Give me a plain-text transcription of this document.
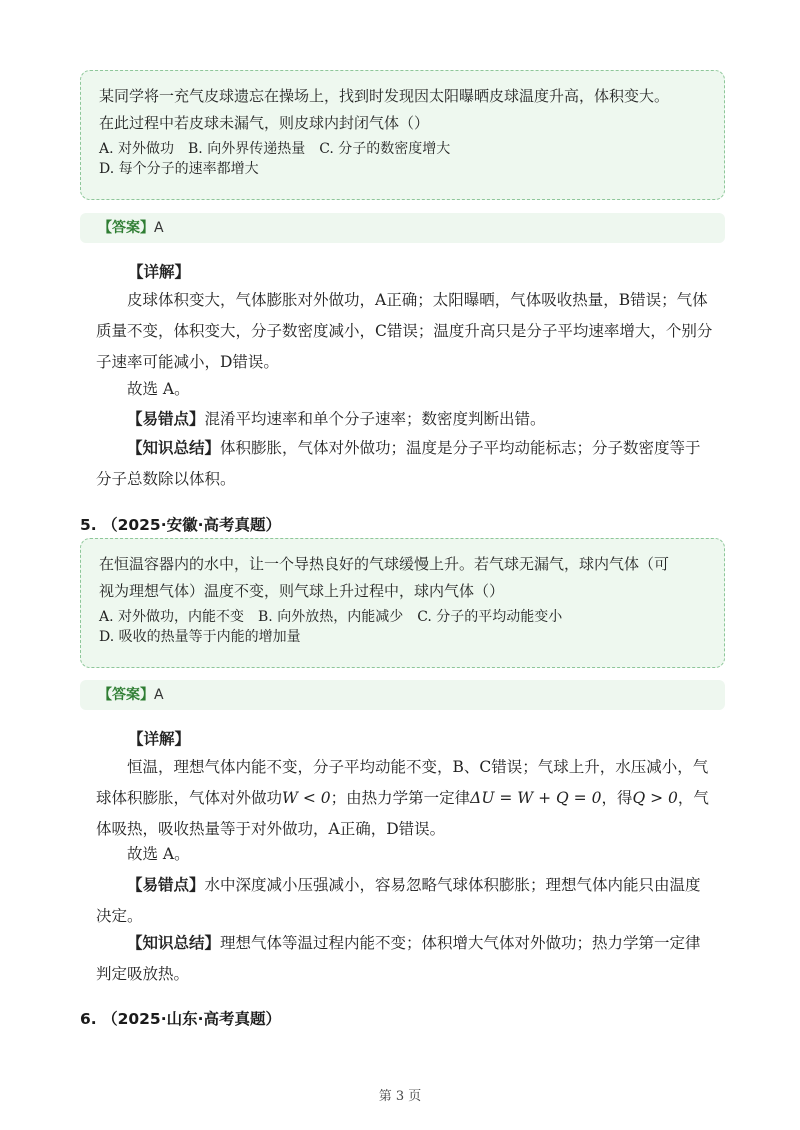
某同学将一充气皮球遗忘在操场上，找到时发现因太阳曝晒皮球温度升高，体积变大。
在此过程中若皮球未漏气，则皮球内封闭气体（）
A. 对外做功　B. 向外界传递热量　C. 分子的数密度增大
D. 每个分子的速率都增大
【答案】A
【详解】
皮球体积变大，气体膨胀对外做功，A正确；太阳曝晒，气体吸收热量，B错误；气体质量不变，体积变大，分子数密度减小，C错误；温度升高只是分子平均速率增大，个别分子速率可能减小，D错误。
故选 A。
【易错点】混淆平均速率和单个分子速率；数密度判断出错。
【知识总结】体积膨胀，气体对外做功；温度是分子平均动能标志；分子数密度等于分子总数除以体积。
5. （2025·安徽·高考真题）
在恒温容器内的水中，让一个导热良好的气球缓慢上升。若气球无漏气，球内气体（可
视为理想气体）温度不变，则气球上升过程中，球内气体（）
A. 对外做功，内能不变　B. 向外放热，内能减少　C. 分子的平均动能变小
D. 吸收的热量等于内能的增加量
【答案】A
【详解】
恒温，理想气体内能不变，分子平均动能不变，B、C错误；气球上升，水压减小，气球体积膨胀，气体对外做功W < 0；由热力学第一定律ΔU = W + Q = 0，得Q > 0，气体吸热，吸收热量等于对外做功，A正确，D错误。
故选 A。
【易错点】水中深度减小压强减小，容易忽略气球体积膨胀；理想气体内能只由温度决定。
【知识总结】理想气体等温过程内能不变；体积增大气体对外做功；热力学第一定律判定吸放热。
6. （2025·山东·高考真题）
第 3 页
